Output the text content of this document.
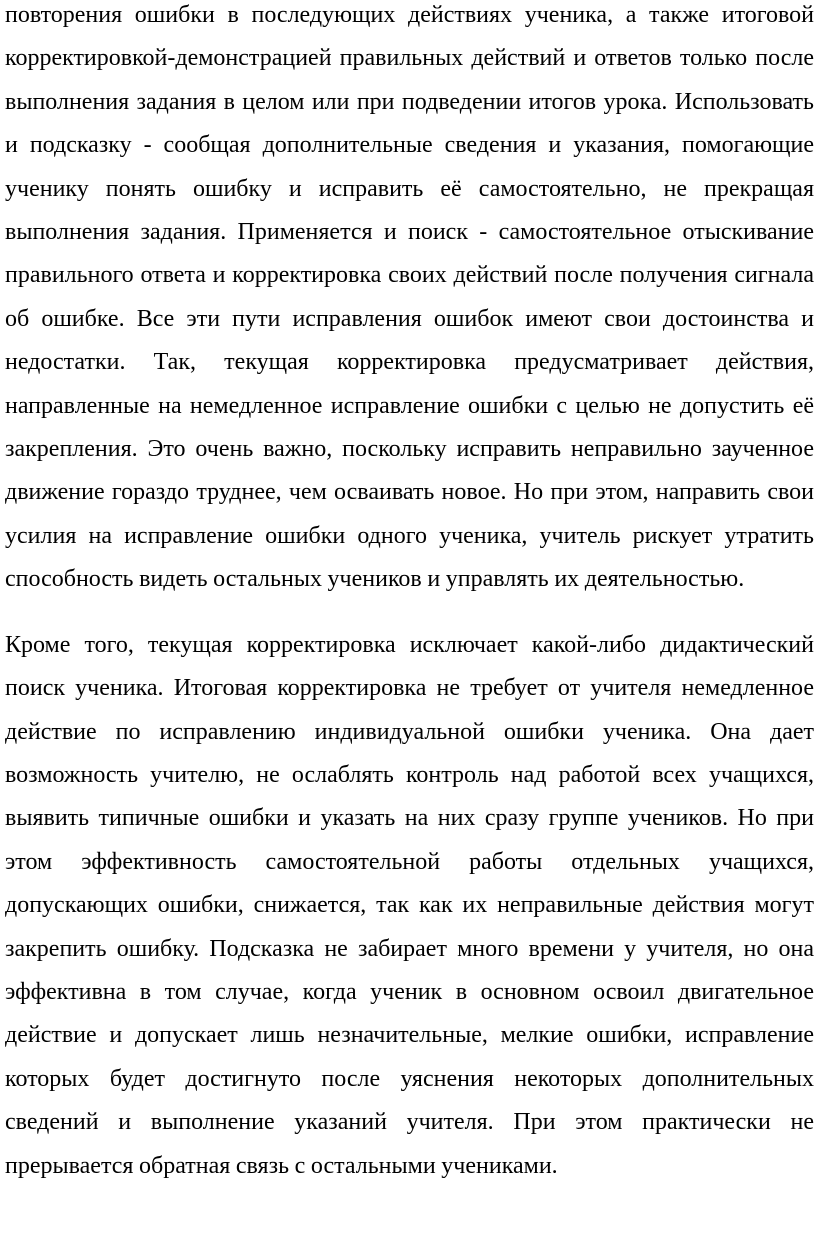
повторения ошибки в последующих действиях ученика, а также итоговой корректировкой-демонстрацией правильных действий и ответов только после выполнения задания в целом или при подведении итогов урока. Использовать и подсказку - сообщая дополнительные сведения и указания, помогающие ученику понять ошибку и исправить её самостоятельно, не прекращая выполнения задания. Применяется и поиск - самостоятельное отыскивание правильного ответа и корректировка своих действий после получения сигнала об ошибке. Все эти пути исправления ошибок имеют свои достоинства и недостатки. Так, текущая корректировка предусматривает действия, направленные на немедленное исправление ошибки с целью не допустить её закрепления. Это очень важно, поскольку исправить неправильно заученное движение гораздо труднее, чем осваивать новое. Но при этом, направить свои усилия на исправление ошибки одного ученика, учитель рискует утратить способность видеть остальных учеников и управлять их деятельностью.

Кроме того, текущая корректировка исключает какой-либо дидактический поиск ученика. Итоговая корректировка не требует от учителя немедленное действие по исправлению индивидуальной ошибки ученика. Она дает возможность учителю, не ослаблять контроль над работой всех учащихся, выявить типичные ошибки и указать на них сразу группе учеников. Но при этом эффективность самостоятельной работы отдельных учащихся, допускающих ошибки, снижается, так как их неправильные действия могут закрепить ошибку. Подсказка не забирает много времени у учителя, но она эффективна в том случае, когда ученик в основном освоил двигательное действие и допускает лишь незначительные, мелкие ошибки, исправление которых будет достигнуто после уяснения некоторых дополнительных сведений и выполнение указаний учителя. При этом практически не прерывается обратная связь с остальными учениками.
